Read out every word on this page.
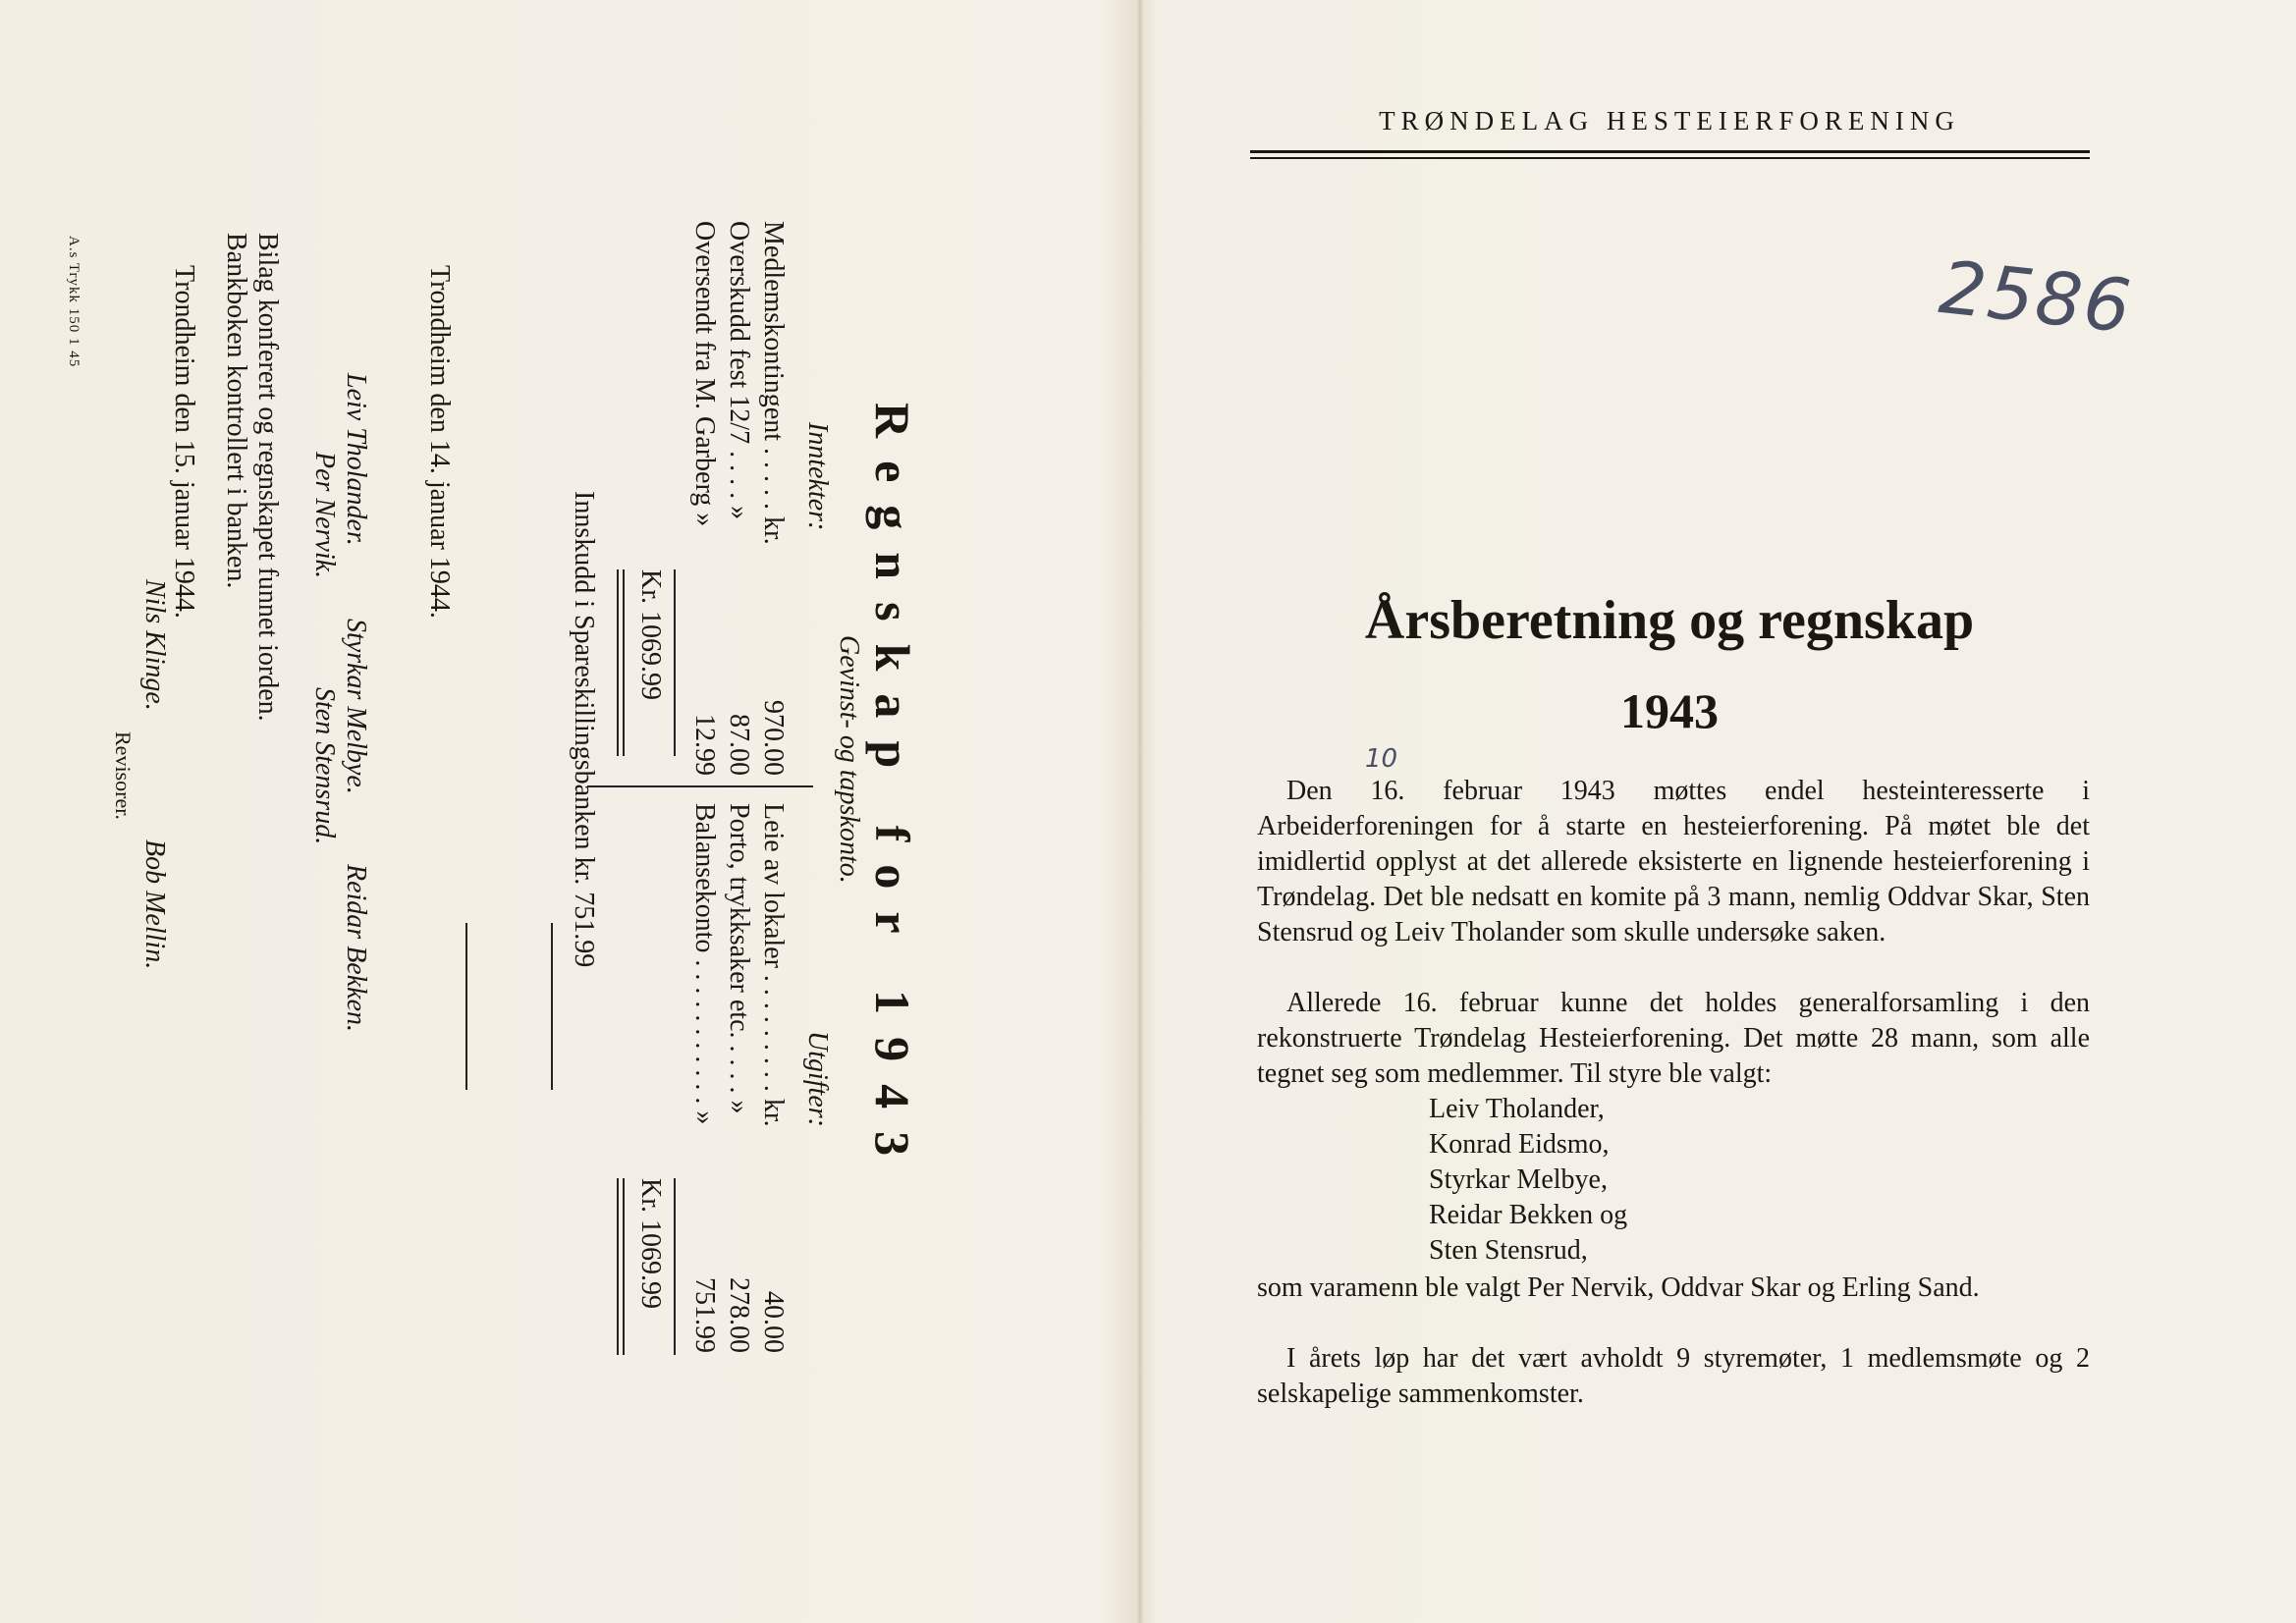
Regnskap for 1943
Gevinst- og tapskonto.
Inntekter:
Utgifter:
Medlemskontingent . . . . . kr.
970.00
Overskudd fest 12/7 . . . . »
87.00
Oversendt fra M. Garberg »
12.99
Kr. 1069.99
Leie av lokaler . . . . . . . . . kr.
40.00
Porto, trykksaker etc. . . . . »
278.00
Balansekonto . . . . . . . . . . . »
751.99
Kr. 1069.99
Innskudd i Spareskillingsbanken kr. 751.99
Trondheim den 14. januar 1944.
Leiv Tholander.
Styrkar Melbye.
Reidar Bekken.
Per Nervik.
Sten Stensrud.
Bilag konferert og regnskapet funnet iorden.
Bankboken kontrollert i banken.
Trondheim den 15. januar 1944.
Nils Klinge.
Bob Mellin.
Revisorer.
A.s Trykk 150 1 45
TRØNDELAG HESTEIERFORENING
2586
10
Årsberetning og regnskap
1943
Den 16. februar 1943 møttes endel hesteinteresserte i Arbeiderforeningen for å starte en hesteierforening. På møtet ble det imidlertid opplyst at det allerede eksisterte en lignende hesteierforening i Trøndelag. Det ble nedsatt en komite på 3 mann, nemlig Oddvar Skar, Sten Stensrud og Leiv Tholander som skulle undersøke saken.
Allerede 16. februar kunne det holdes generalforsamling i den rekonstruerte Trøndelag Hesteierforening. Det møtte 28 mann, som alle tegnet seg som medlemmer. Til styre ble valgt:
Leiv Tholander,
Konrad Eidsmo,
Styrkar Melbye,
Reidar Bekken og
Sten Stensrud,
som varamenn ble valgt Per Nervik, Oddvar Skar og Erling Sand.
I årets løp har det vært avholdt 9 styremøter, 1 medlemsmøte og 2 selskapelige sammenkomster.
